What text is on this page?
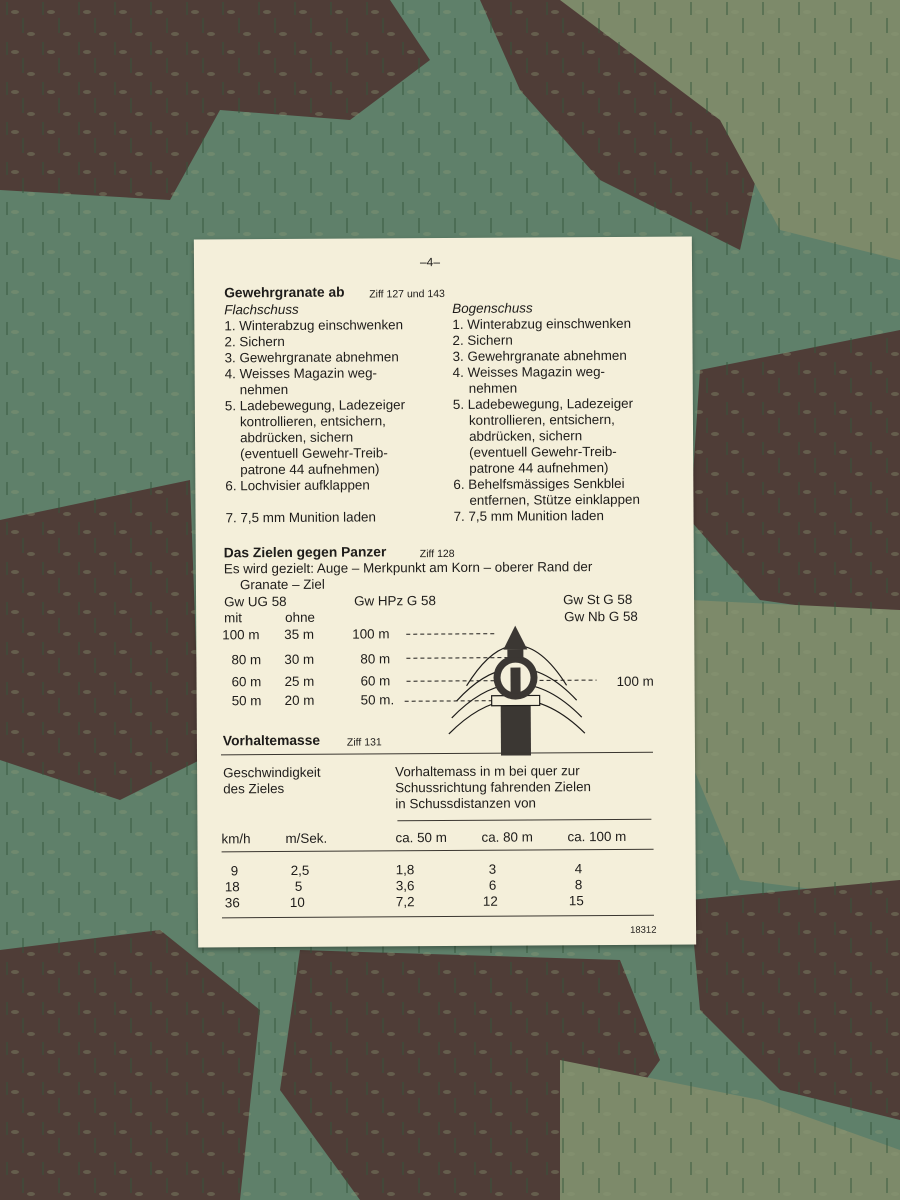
–4–
Gewehrgranate ab Ziff 127 und 143
Flachschuss
1. Winterabzug einschwenken
2. Sichern
3. Gewehrgranate abnehmen
4. Weisses Magazin weg-
nehmen
5. Ladebewegung, Ladezeiger
kontrollieren, entsichern,
abdrücken, sichern
(eventuell Gewehr-Treib-
patrone 44 aufnehmen)
6. Lochvisier aufklappen
7. 7,5 mm Munition laden
Bogenschuss
1. Winterabzug einschwenken
2. Sichern
3. Gewehrgranate abnehmen
4. Weisses Magazin weg-
nehmen
5. Ladebewegung, Ladezeiger
kontrollieren, entsichern,
abdrücken, sichern
(eventuell Gewehr-Treib-
patrone 44 aufnehmen)
6. Behelfsmässiges Senkblei
entfernen, Stütze einklappen
7. 7,5 mm Munition laden
Das Zielen gegen Panzer	Ziff 128
Es wird gezielt: Auge – Merkpunkt am Korn – oberer Rand der
Granate – Ziel
Gw UG 58	Gw HPz G 58	Gw St G 58
Gw Nb G 58
mit	ohne
100 m 35 m	100 m
80 m 30 m	80 m
60 m 25 m	60 m
50 m 20 m	50 m.
100 m
Vorhaltemasse	Ziff 131
Geschwindigkeit
des Zieles
Vorhaltemass in m bei quer zur
Schussrichtung fahrenden Zielen
in Schussdistanzen von
km/h	m/Sek.	ca. 50 m	ca. 80 m	ca. 100 m
9	2,5	1,8	3	4
18	5	3,6	6	8
36	10	7,2	12	15
18312
